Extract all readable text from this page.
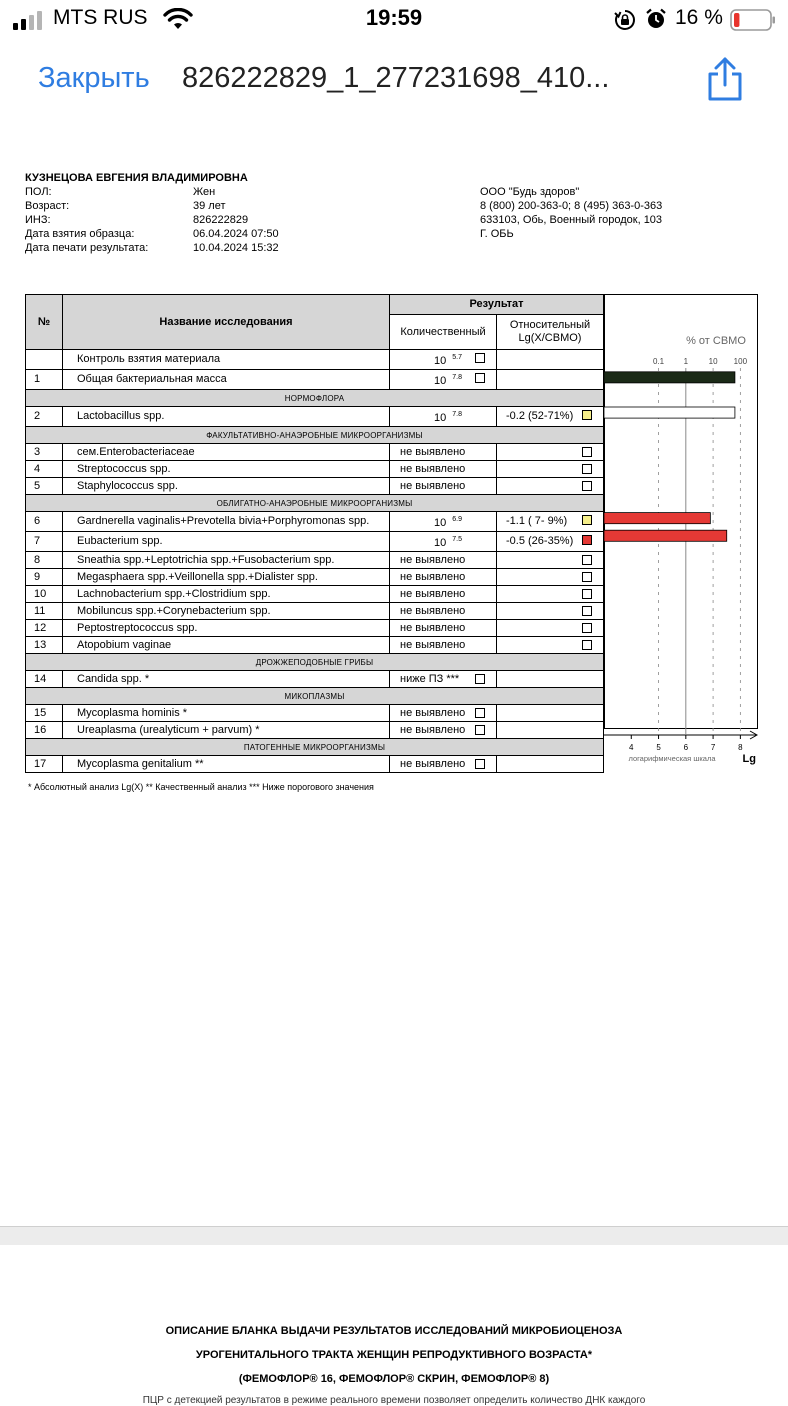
MTS RUS	19:59	16 %
Закрыть 826222829_1_277231698_410...
КУЗНЕЦОВА ЕВГЕНИЯ ВЛАДИМИРОВНА
ПОЛ:	Жен
Возраст:	39 лет
ИНЗ:	826222829
Дата взятия образца:	06.04.2024 07:50
Дата печати результата:	10.04.2024 15:32
ООО "Будь здоров"
8 (800) 200-363-0; 8 (495) 363-0-363
633103, Обь, Военный городок, 103
Г. ОБЬ
№	Название исследования	Результат	
		Количественный	Относительный Lg(X/СВМО)
	Контроль взятия материала	10 $^{5.7}$

1	Общая бактериальная масса	10 $^{7.8}$

НОРМОФЛОРА			
2	Lactobacillus spp.	10 $^{7.8}$	-0.2 (52-71%)

ФАКУЛЬТАТИВНО-АНАЭРОБНЫЕ МИКРООРГАНИЗМЫ			
3	сем.Enterobacteriaceae	не выявлено	

4	Streptococcus spp.	не выявлено	

5	Staphylococcus spp.	не выявлено	

ОБЛИГАТНО-АНАЭРОБНЫЕ МИКРООРГАНИЗМЫ			
6	Gardnerella vaginalis+Prevotella bivia+Porphyromonas spp.	10 $^{6.9}$	-1.1 ( 7- 9%)

7	Eubacterium spp.	10 $^{7.5}$	-0.5 (26-35%)

8	Sneathia spp.+Leptotrichia spp.+Fusobacterium spp.	не выявлено	

9	Megasphaera spp.+Veillonella spp.+Dialister spp.	не выявлено	

10	Lachnobacterium spp.+Clostridium spp.	не выявлено	

11	Mobiluncus spp.+Corynebacterium spp.	не выявлено	

12	Peptostreptococcus spp.	не выявлено	

13	Atopobium vaginae	не выявлено	

ДРОЖЖЕПОДОБНЫЕ ГРИБЫ			
14	Candida spp. *	ниже ПЗ ***

МИКОПЛАЗМЫ			
15	Mycoplasma hominis *	не выявлено

16	Ureaplasma (urealyticum + parvum) *	не выявлено

ПАТОГЕННЫЕ МИКРООРГАНИЗМЫ			
17	Mycoplasma genitalium **	не выявлено

% от СВМО
0.1 1	10 100
4	5	6	7	8
логарифмическая шкала Lg
* Абсолютный анализ Lg(X) ** Качественный анализ *** Ниже порогового значения
ОПИСАНИЕ БЛАНКА ВЫДАЧИ РЕЗУЛЬТАТОВ ИССЛЕДОВАНИЙ МИКРОБИОЦЕНОЗА
УРОГЕНИТАЛЬНОГО ТРАКТА ЖЕНЩИН РЕПРОДУКТИВНОГО ВОЗРАСТА*
(ФЕМОФЛОР® 16, ФЕМОФЛОР® СКРИН, ФЕМОФЛОР® 8)
ПЦР с детекцией результатов в режиме реального времени позволяет определить количество ДНК каждого
